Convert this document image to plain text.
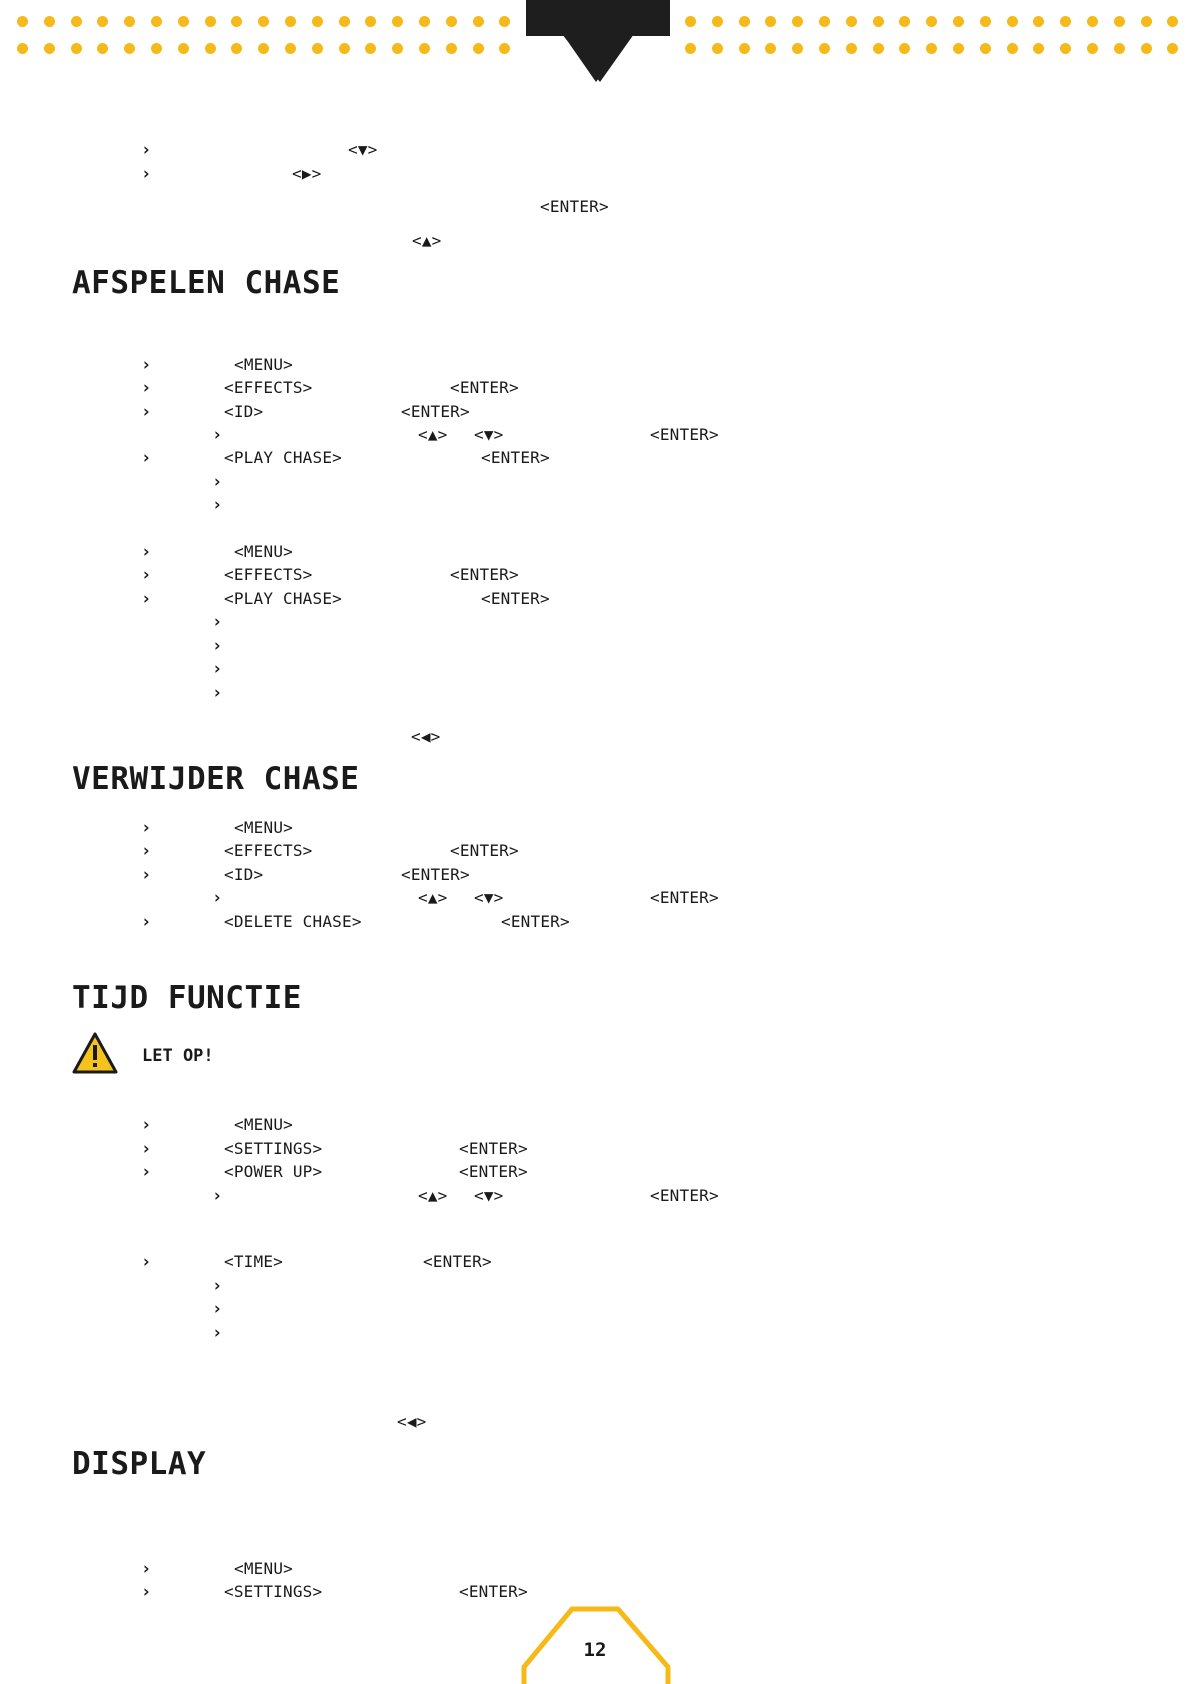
›	<▼>
›	<▶>
<ENTER>
<▲>
AFSPELEN CHASE
›	<MENU>
›	<EFFECTS>	<ENTER>
›	<ID>	<ENTER>
›	<▲> <▼>	<ENTER>
›	<PLAY CHASE>	<ENTER>
›
›
›	<MENU>
›	<EFFECTS>	<ENTER>
›	<PLAY CHASE>	<ENTER>
›
›
›
›
<◀>
VERWIJDER CHASE
›	<MENU>
›	<EFFECTS>	<ENTER>
›	<ID>	<ENTER>
›	<▲> <▼>	<ENTER>
›	<DELETE CHASE>	<ENTER>
TIJD FUNCTIE
LET OP!
›	<MENU>
›	<SETTINGS>	<ENTER>
›	<POWER UP>	<ENTER>
›	<▲> <▼>	<ENTER>
›	<TIME>	<ENTER>
›
›
›
<◀>
DISPLAY
›	<MENU>
›	<SETTINGS>	<ENTER>
12
